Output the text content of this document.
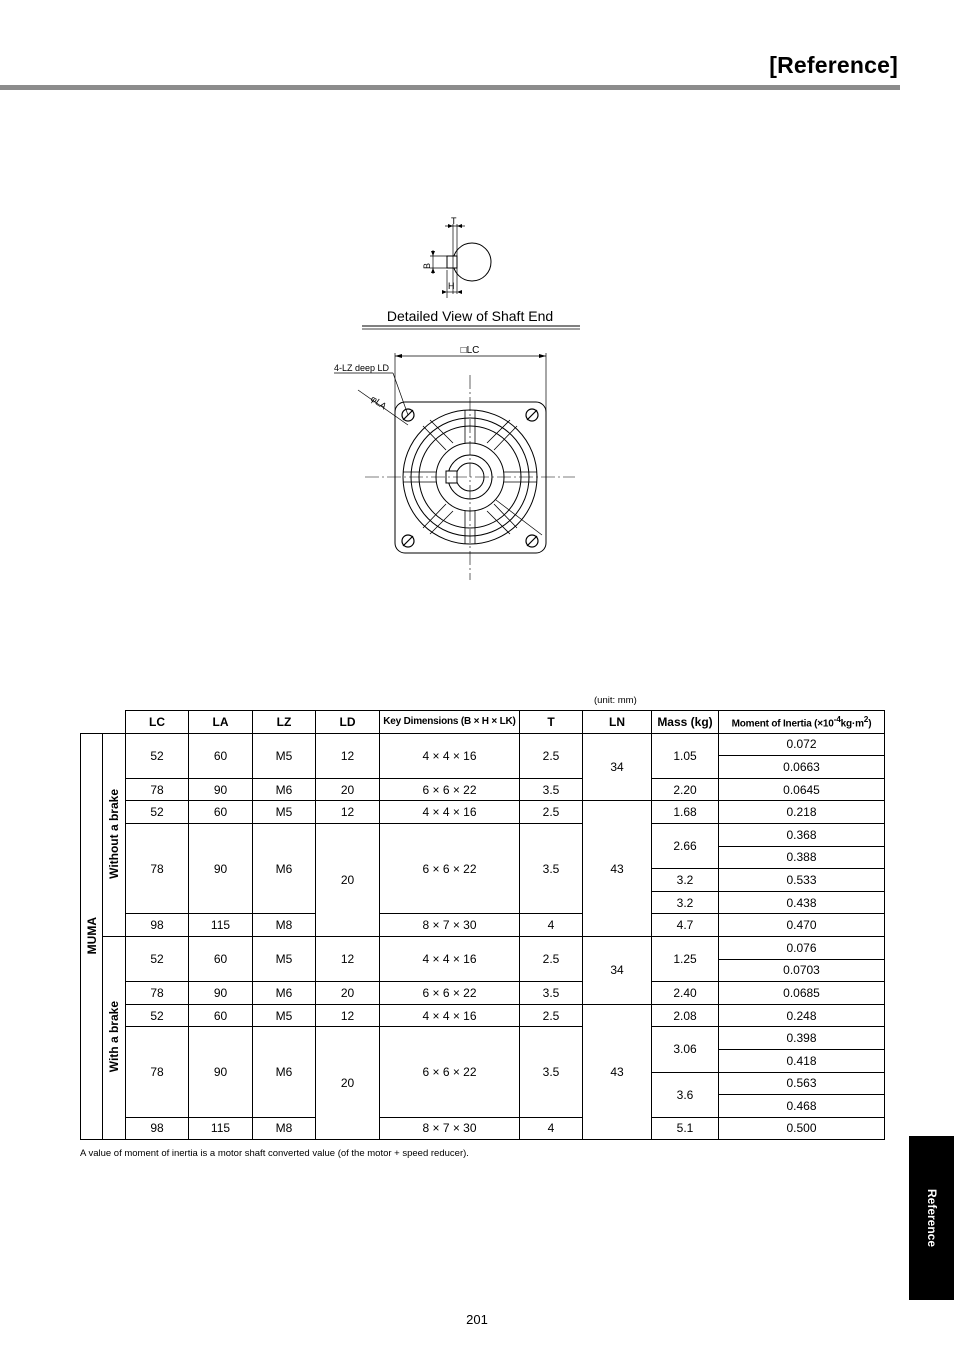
[Reference]
T
B
H
Detailed View of Shaft End
□LC
4-LZ deep LD
φLA
(unit: mm)
		LC	LA	LZ	LD	Key Dimensions (B × H × LK)	T	LN	Mass (kg)	Moment of Inertia $(\times 10^{-4}kg\cdot m^2)$
MUMA	Without a brake	52	60	M5	12	4 × 4 × 16	2.5	34	1.05	0.072
										0.0663
		78	90	M6	20	6 × 6 × 22	3.5		2.20	0.0645
		52	60	M5	12	4 × 4 × 16	2.5	43	1.68	0.218
		78	90	M6	20	6 × 6 × 22	3.5		2.66	0.368
										0.388
									3.2	0.533
									3.2	0.438
		98	115	M8		8 × 7 × 30	4		4.7	0.470
	With a brake	52	60	M5	12	4 × 4 × 16	2.5	34	1.25	0.076
										0.0703
		78	90	M6	20	6 × 6 × 22	3.5		2.40	0.0685
		52	60	M5	12	4 × 4 × 16	2.5	43	2.08	0.248
		78	90	M6	20	6 × 6 × 22	3.5		3.06	0.398
										0.418
									3.6	0.563
										0.468
		98	115	M8		8 × 7 × 30	4		5.1	0.500
A value of moment of inertia is a motor shaft converted value (of the motor + speed reducer).
201
Reference
